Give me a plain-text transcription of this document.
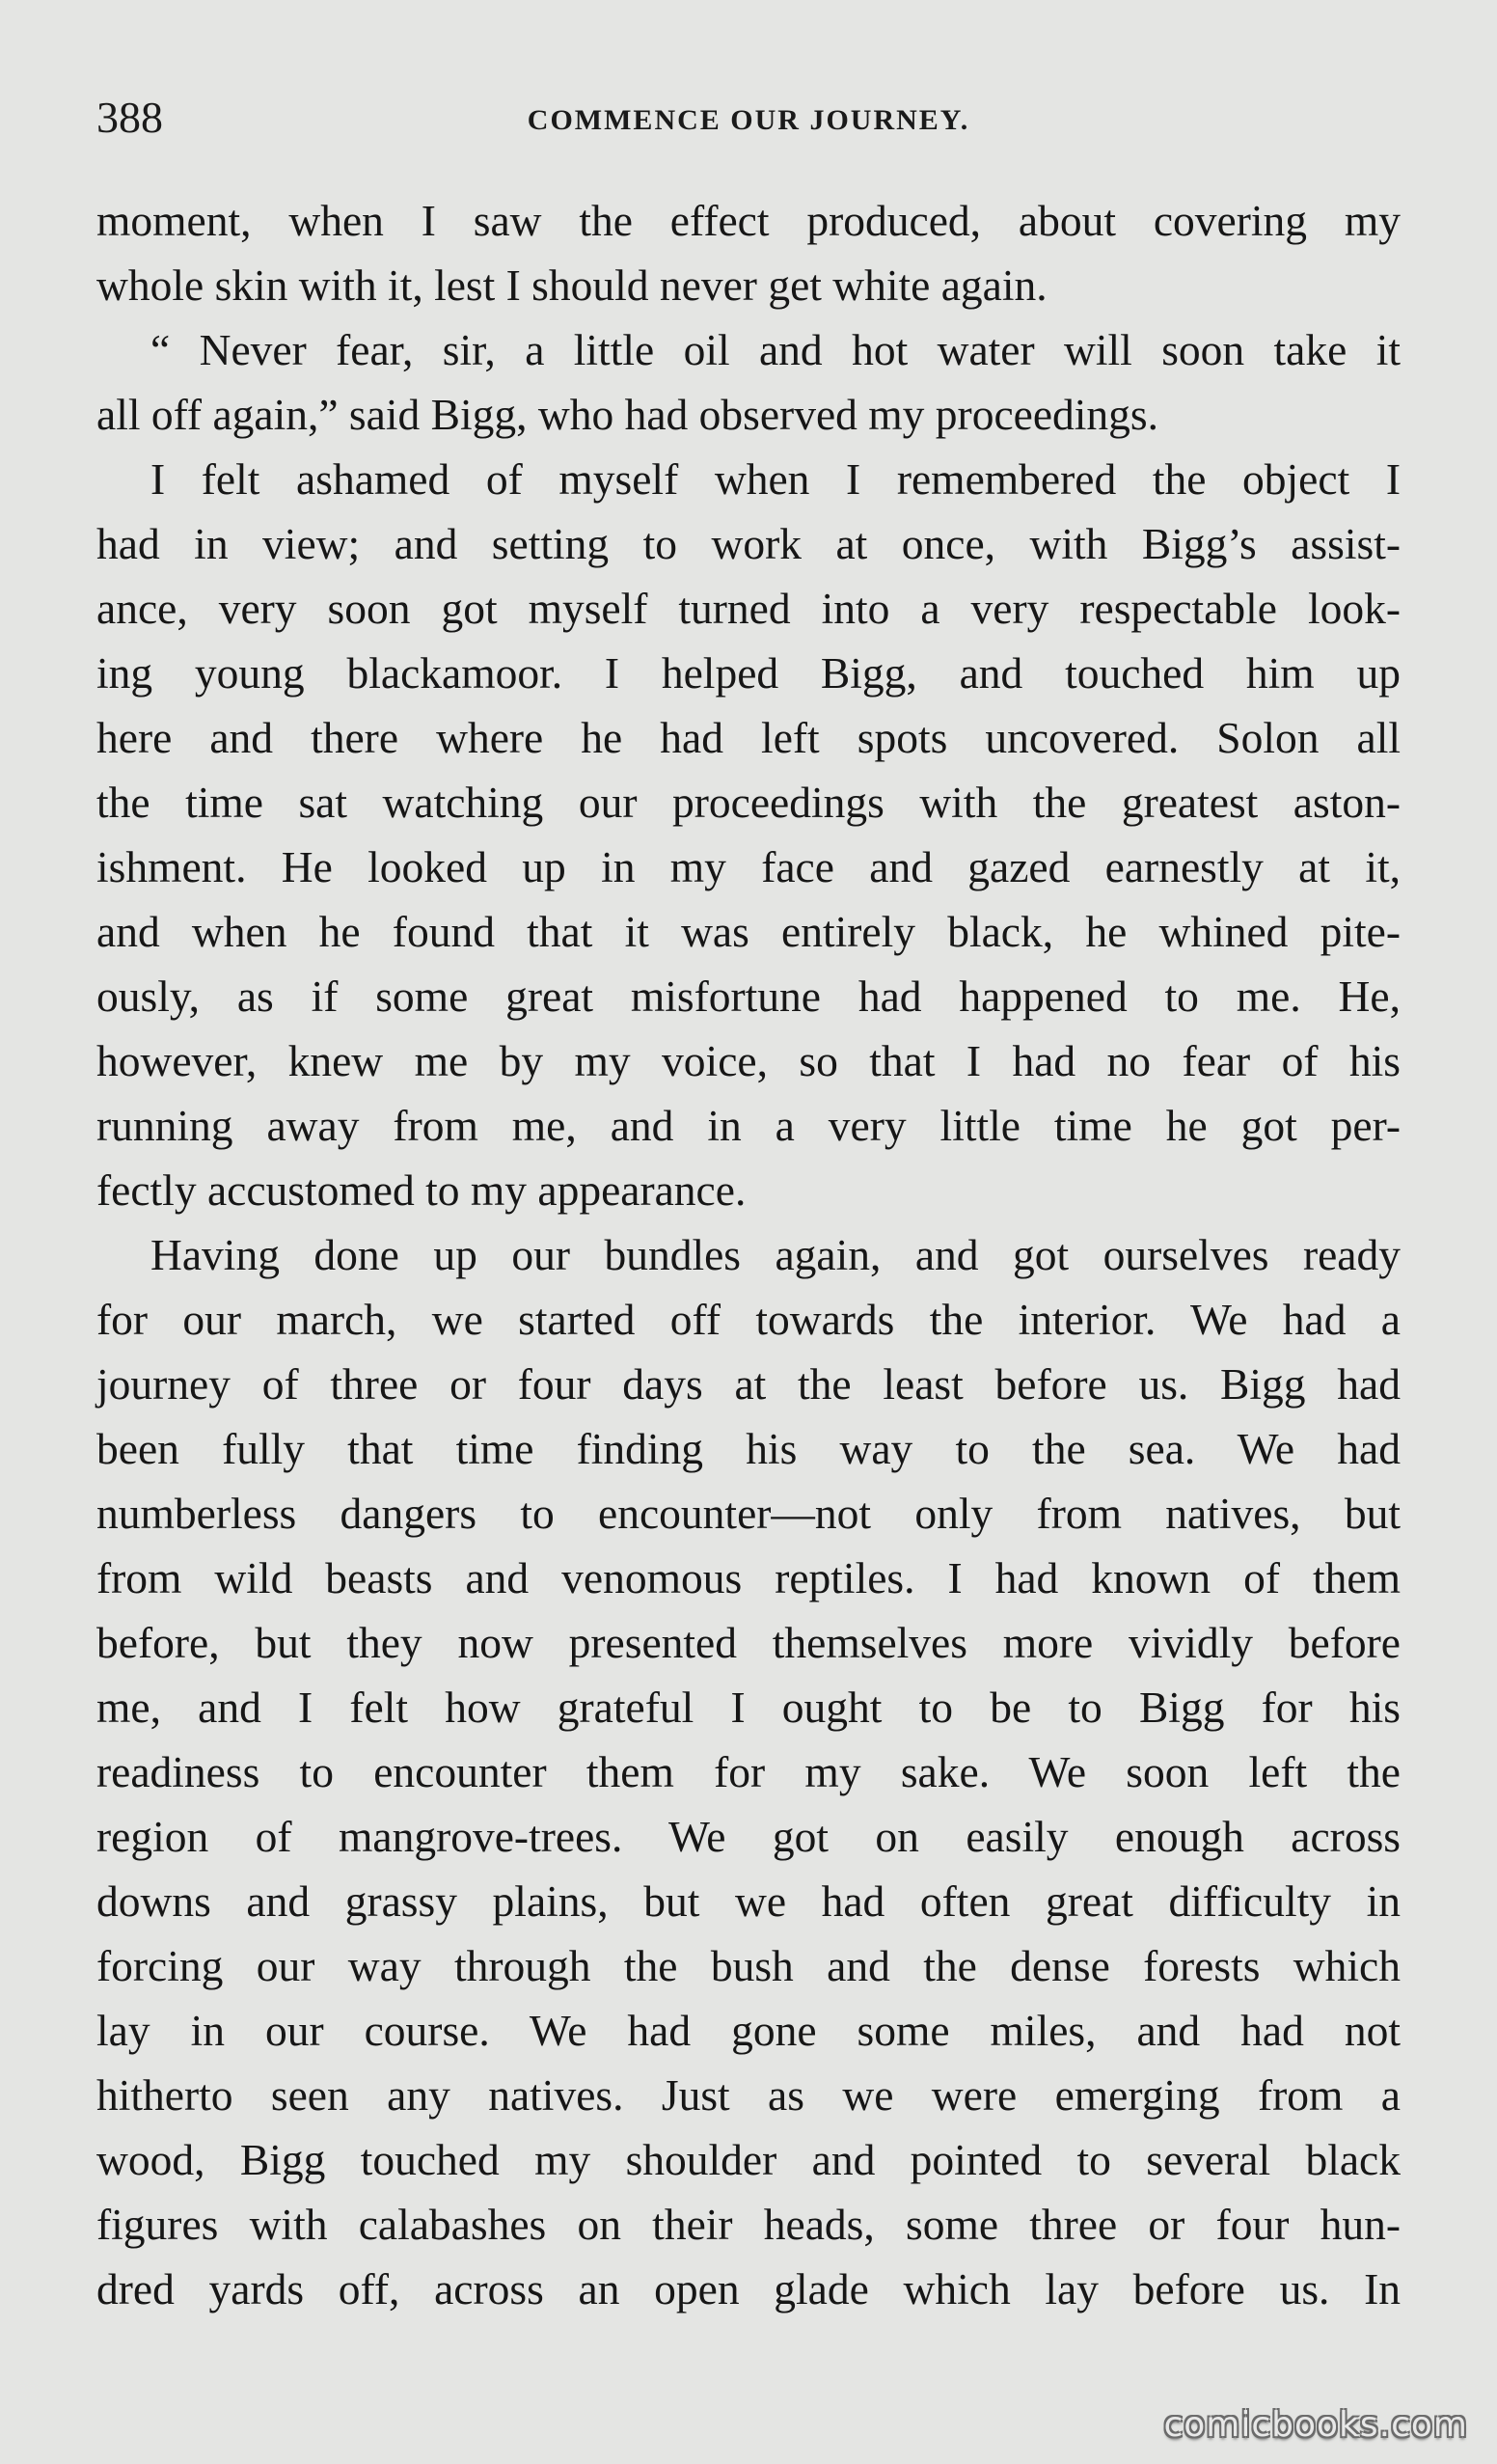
388	COMMENCE OUR JOURNEY.
moment, when I saw the effect produced, about covering my
whole skin with it, lest I should never get white again.
“ Never fear, sir, a little oil and hot water will soon take it
all off again,” said Bigg, who had observed my proceedings.
I felt ashamed of myself when I remembered the object I
had in view; and setting to work at once, with Bigg’s assist-
ance, very soon got myself turned into a very respectable look-
ing young blackamoor. I helped Bigg, and touched him up
here and there where he had left spots uncovered. Solon all
the time sat watching our proceedings with the greatest aston-
ishment. He looked up in my face and gazed earnestly at it,
and when he found that it was entirely black, he whined pite-
ously, as if some great misfortune had happened to me. He,
however, knew me by my voice, so that I had no fear of his
running away from me, and in a very little time he got per-
fectly accustomed to my appearance.
Having done up our bundles again, and got ourselves ready
for our march, we started off towards the interior. We had a
journey of three or four days at the least before us. Bigg had
been fully that time finding his way to the sea. We had
numberless dangers to encounter—not only from natives, but
from wild beasts and venomous reptiles. I had known of them
before, but they now presented themselves more vividly before
me, and I felt how grateful I ought to be to Bigg for his
readiness to encounter them for my sake. We soon left the
region of mangrove-trees. We got on easily enough across
downs and grassy plains, but we had often great difficulty in
forcing our way through the bush and the dense forests which
lay in our course. We had gone some miles, and had not
hitherto seen any natives. Just as we were emerging from a
wood, Bigg touched my shoulder and pointed to several black
figures with calabashes on their heads, some three or four hun-
dred yards off, across an open glade which lay before us. In
comicbooks.com
